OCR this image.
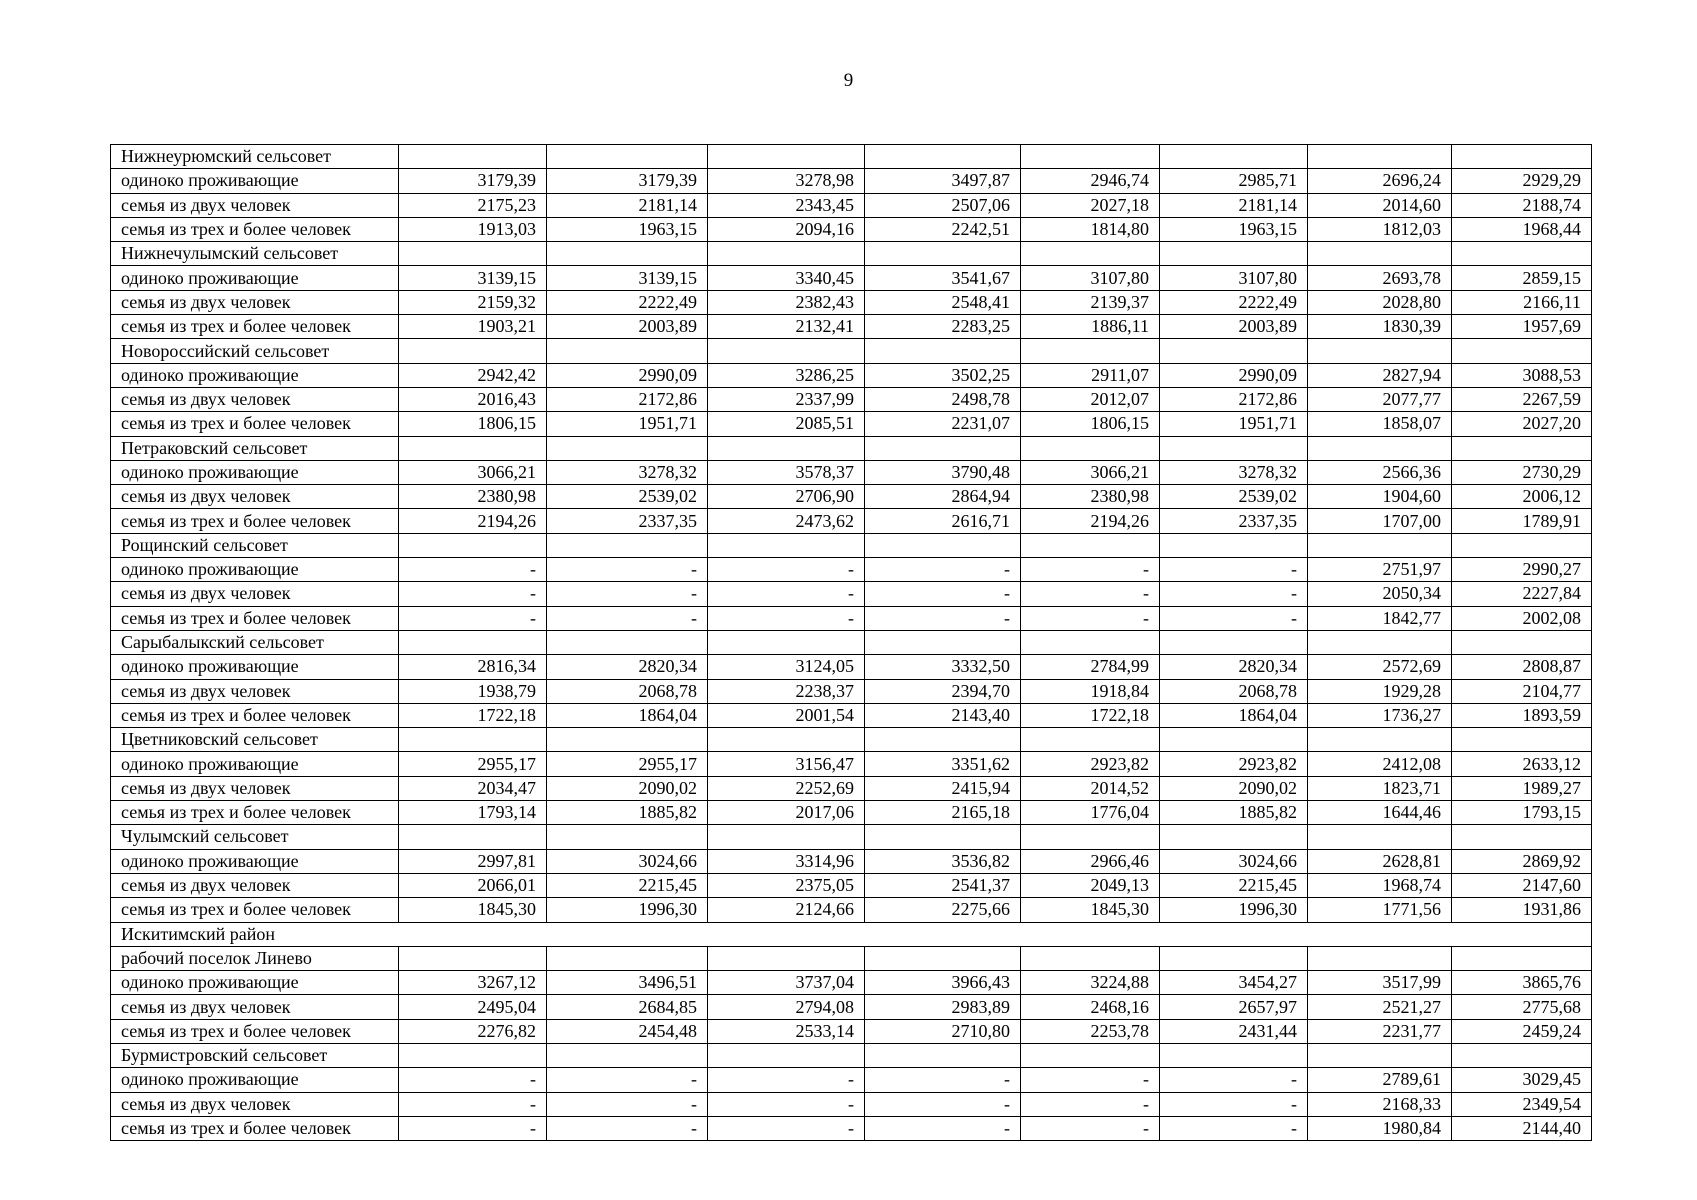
9
Нижнеурюмский сельсовет								
одиноко проживающие	3179,39	3179,39	3278,98	3497,87	2946,74	2985,71	2696,24	2929,29
семья из двух человек	2175,23	2181,14	2343,45	2507,06	2027,18	2181,14	2014,60	2188,74
семья из трех и более человек	1913,03	1963,15	2094,16	2242,51	1814,80	1963,15	1812,03	1968,44
Нижнечулымский сельсовет								
одиноко проживающие	3139,15	3139,15	3340,45	3541,67	3107,80	3107,80	2693,78	2859,15
семья из двух человек	2159,32	2222,49	2382,43	2548,41	2139,37	2222,49	2028,80	2166,11
семья из трех и более человек	1903,21	2003,89	2132,41	2283,25	1886,11	2003,89	1830,39	1957,69
Новороссийский сельсовет								
одиноко проживающие	2942,42	2990,09	3286,25	3502,25	2911,07	2990,09	2827,94	3088,53
семья из двух человек	2016,43	2172,86	2337,99	2498,78	2012,07	2172,86	2077,77	2267,59
семья из трех и более человек	1806,15	1951,71	2085,51	2231,07	1806,15	1951,71	1858,07	2027,20
Петраковский сельсовет								
одиноко проживающие	3066,21	3278,32	3578,37	3790,48	3066,21	3278,32	2566,36	2730,29
семья из двух человек	2380,98	2539,02	2706,90	2864,94	2380,98	2539,02	1904,60	2006,12
семья из трех и более человек	2194,26	2337,35	2473,62	2616,71	2194,26	2337,35	1707,00	1789,91
Рощинский сельсовет								
одиноко проживающие	-	-	-	-	-	-	2751,97	2990,27
семья из двух человек	-	-	-	-	-	-	2050,34	2227,84
семья из трех и более человек	-	-	-	-	-	-	1842,77	2002,08
Сарыбалыкский сельсовет								
одиноко проживающие	2816,34	2820,34	3124,05	3332,50	2784,99	2820,34	2572,69	2808,87
семья из двух человек	1938,79	2068,78	2238,37	2394,70	1918,84	2068,78	1929,28	2104,77
семья из трех и более человек	1722,18	1864,04	2001,54	2143,40	1722,18	1864,04	1736,27	1893,59
Цветниковский сельсовет								
одиноко проживающие	2955,17	2955,17	3156,47	3351,62	2923,82	2923,82	2412,08	2633,12
семья из двух человек	2034,47	2090,02	2252,69	2415,94	2014,52	2090,02	1823,71	1989,27
семья из трех и более человек	1793,14	1885,82	2017,06	2165,18	1776,04	1885,82	1644,46	1793,15
Чулымский сельсовет								
одиноко проживающие	2997,81	3024,66	3314,96	3536,82	2966,46	3024,66	2628,81	2869,92
семья из двух человек	2066,01	2215,45	2375,05	2541,37	2049,13	2215,45	1968,74	2147,60
семья из трех и более человек	1845,30	1996,30	2124,66	2275,66	1845,30	1996,30	1771,56	1931,86
Искитимский район								
рабочий поселок Линево								
одиноко проживающие	3267,12	3496,51	3737,04	3966,43	3224,88	3454,27	3517,99	3865,76
семья из двух человек	2495,04	2684,85	2794,08	2983,89	2468,16	2657,97	2521,27	2775,68
семья из трех и более человек	2276,82	2454,48	2533,14	2710,80	2253,78	2431,44	2231,77	2459,24
Бурмистровский сельсовет								
одиноко проживающие	-	-	-	-	-	-	2789,61	3029,45
семья из двух человек	-	-	-	-	-	-	2168,33	2349,54
семья из трех и более человек	-	-	-	-	-	-	1980,84	2144,40
